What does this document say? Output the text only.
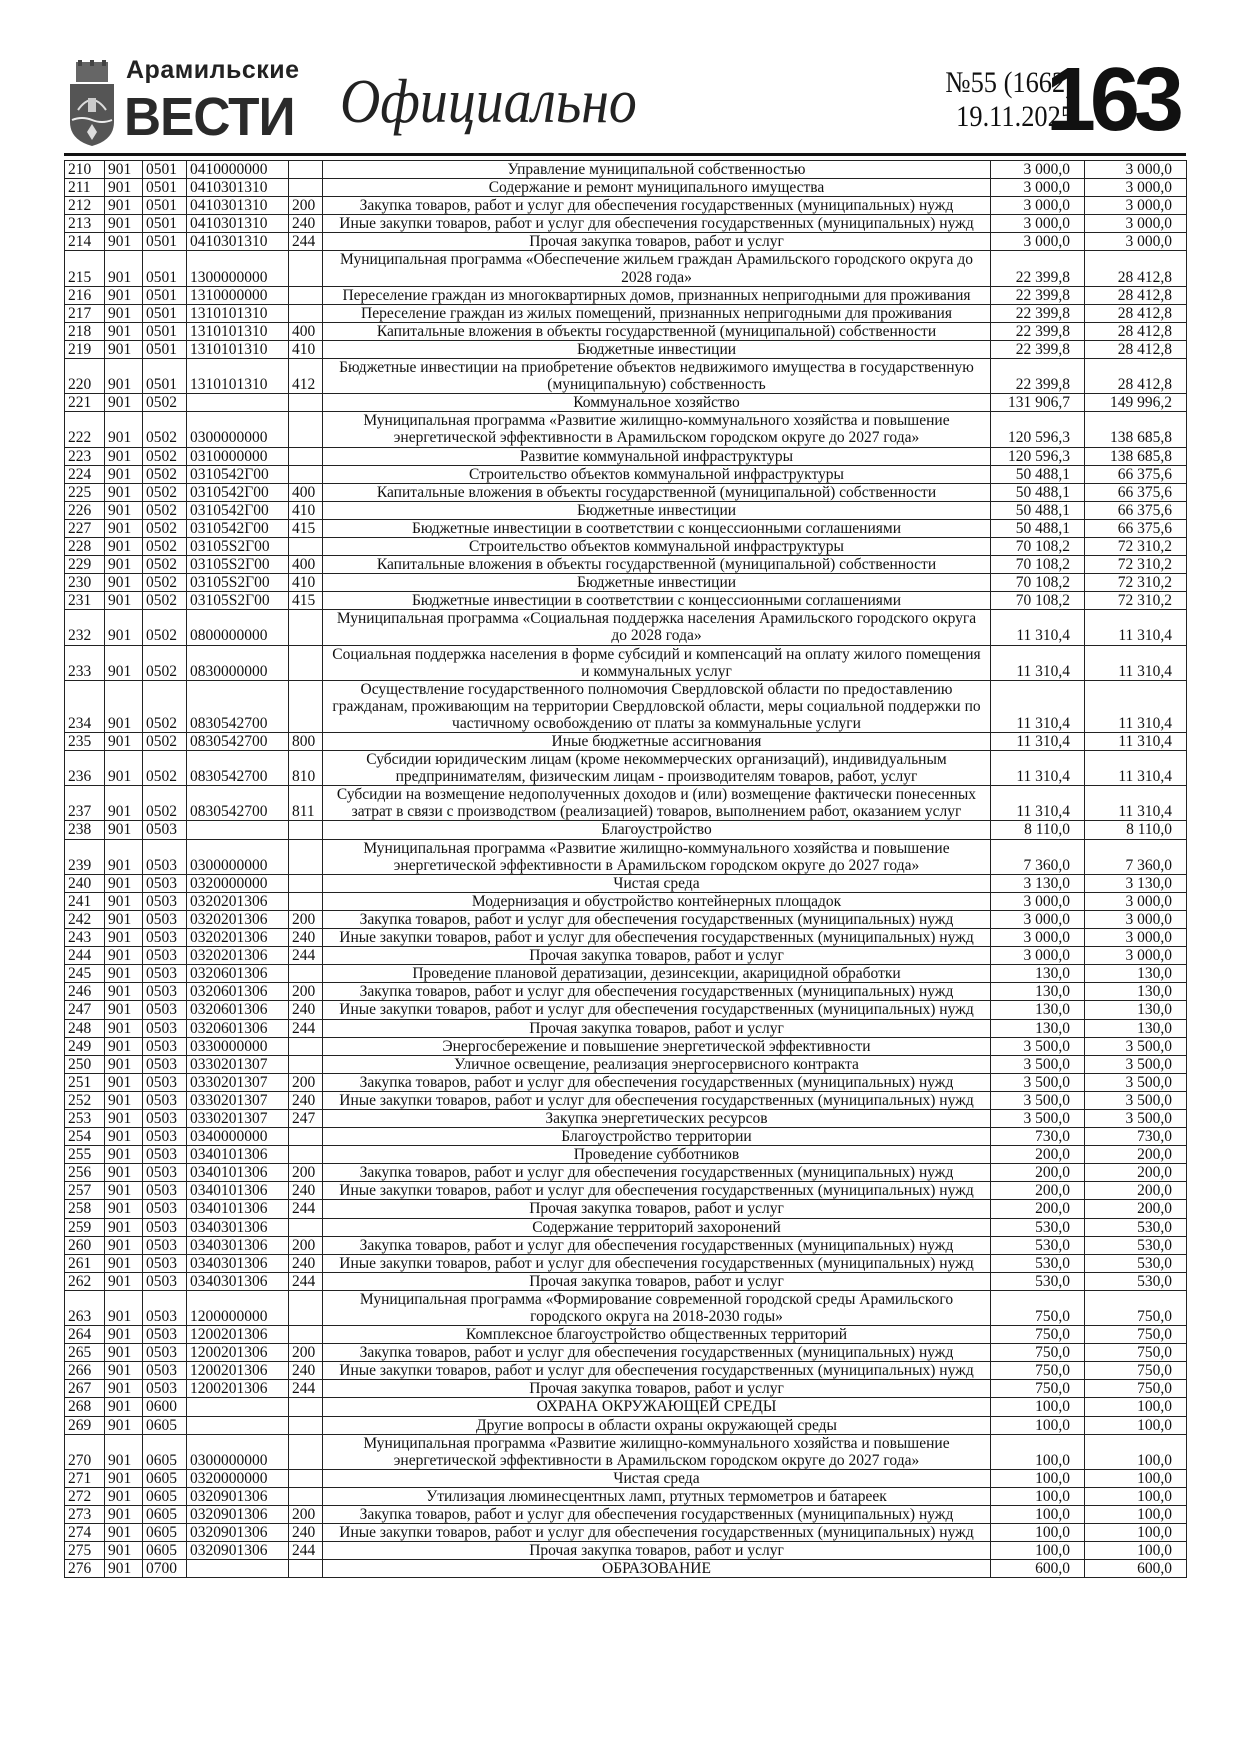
Арамильские
ВЕСТИ Официально	№55 (1662)
19.11.2025
163
210	901	0501	0410000000		Управление муниципальной собственностью	3 000,0	3 000,0
211	901	0501	0410301310		Содержание и ремонт муниципального имущества	3 000,0	3 000,0
212	901	0501	0410301310	200	Закупка товаров, работ и услуг для обеспечения государственных (муниципальных) нужд	3 000,0	3 000,0
213	901	0501	0410301310	240	Иные закупки товаров, работ и услуг для обеспечения государственных (муниципальных) нужд	3 000,0	3 000,0
214	901	0501	0410301310	244	Прочая закупка товаров, работ и услуг	3 000,0	3 000,0
215	901	0501	1300000000		Муниципальная программа «Обеспечение жильем граждан Арамильского городского округа до 2028 года»	22 399,8	28 412,8
216	901	0501	1310000000		Переселение граждан из многоквартирных домов, признанных непригодными для проживания	22 399,8	28 412,8
217	901	0501	1310101310		Переселение граждан из жилых помещений, признанных непригодными для проживания	22 399,8	28 412,8
218	901	0501	1310101310	400	Капитальные вложения в объекты государственной (муниципальной) собственности	22 399,8	28 412,8
219	901	0501	1310101310	410	Бюджетные инвестиции	22 399,8	28 412,8
220	901	0501	1310101310	412	Бюджетные инвестиции на приобретение объектов недвижимого имущества в государственную (муниципальную) собственность	22 399,8	28 412,8
221	901	0502			Коммунальное хозяйство	131 906,7	149 996,2
222	901	0502	0300000000		Муниципальная программа «Развитие жилищно-коммунального хозяйства и повышение энергетической эффективности в Арамильском городском округе до 2027 года»	120 596,3	138 685,8
223	901	0502	0310000000		Развитие коммунальной инфраструктуры	120 596,3	138 685,8
224	901	0502	0310542Г00		Строительство объектов коммунальной инфраструктуры	50 488,1	66 375,6
225	901	0502	0310542Г00	400	Капитальные вложения в объекты государственной (муниципальной) собственности	50 488,1	66 375,6
226	901	0502	0310542Г00	410	Бюджетные инвестиции	50 488,1	66 375,6
227	901	0502	0310542Г00	415	Бюджетные инвестиции в соответствии с концессионными соглашениями	50 488,1	66 375,6
228	901	0502	03105S2Г00		Строительство объектов коммунальной инфраструктуры	70 108,2	72 310,2
229	901	0502	03105S2Г00	400	Капитальные вложения в объекты государственной (муниципальной) собственности	70 108,2	72 310,2
230	901	0502	03105S2Г00	410	Бюджетные инвестиции	70 108,2	72 310,2
231	901	0502	03105S2Г00	415	Бюджетные инвестиции в соответствии с концессионными соглашениями	70 108,2	72 310,2
232	901	0502	0800000000		Муниципальная программа «Социальная поддержка населения Арамильского городского округа до 2028 года»	11 310,4	11 310,4
233	901	0502	0830000000		Социальная поддержка населения в форме субсидий и компенсаций на оплату жилого помещения и коммунальных услуг	11 310,4	11 310,4
234	901	0502	0830542700		Осуществление государственного полномочия Свердловской области по предоставлению гражданам, проживающим на территории Свердловской области, меры социальной поддержки по частичному освобождению от платы за коммунальные услуги	11 310,4	11 310,4
235	901	0502	0830542700	800	Иные бюджетные ассигнования	11 310,4	11 310,4
236	901	0502	0830542700	810	Субсидии юридическим лицам (кроме некоммерческих организаций), индивидуальным предпринимателям, физическим лицам - производителям товаров, работ, услуг	11 310,4	11 310,4
237	901	0502	0830542700	811	Субсидии на возмещение недополученных доходов и (или) возмещение фактически понесенных затрат в связи с производством (реализацией) товаров, выполнением работ, оказанием услуг	11 310,4	11 310,4
238	901	0503			Благоустройство	8 110,0	8 110,0
239	901	0503	0300000000		Муниципальная программа «Развитие жилищно-коммунального хозяйства и повышение энергетической эффективности в Арамильском городском округе до 2027 года»	7 360,0	7 360,0
240	901	0503	0320000000		Чистая среда	3 130,0	3 130,0
241	901	0503	0320201306		Модернизация и обустройство контейнерных площадок	3 000,0	3 000,0
242	901	0503	0320201306	200	Закупка товаров, работ и услуг для обеспечения государственных (муниципальных) нужд	3 000,0	3 000,0
243	901	0503	0320201306	240	Иные закупки товаров, работ и услуг для обеспечения государственных (муниципальных) нужд	3 000,0	3 000,0
244	901	0503	0320201306	244	Прочая закупка товаров, работ и услуг	3 000,0	3 000,0
245	901	0503	0320601306		Проведение плановой дератизации, дезинсекции, акарицидной обработки	130,0	130,0
246	901	0503	0320601306	200	Закупка товаров, работ и услуг для обеспечения государственных (муниципальных) нужд	130,0	130,0
247	901	0503	0320601306	240	Иные закупки товаров, работ и услуг для обеспечения государственных (муниципальных) нужд	130,0	130,0
248	901	0503	0320601306	244	Прочая закупка товаров, работ и услуг	130,0	130,0
249	901	0503	0330000000		Энергосбережение и повышение энергетической эффективности	3 500,0	3 500,0
250	901	0503	0330201307		Уличное освещение, реализация энергосервисного контракта	3 500,0	3 500,0
251	901	0503	0330201307	200	Закупка товаров, работ и услуг для обеспечения государственных (муниципальных) нужд	3 500,0	3 500,0
252	901	0503	0330201307	240	Иные закупки товаров, работ и услуг для обеспечения государственных (муниципальных) нужд	3 500,0	3 500,0
253	901	0503	0330201307	247	Закупка энергетических ресурсов	3 500,0	3 500,0
254	901	0503	0340000000		Благоустройство территории	730,0	730,0
255	901	0503	0340101306		Проведение субботников	200,0	200,0
256	901	0503	0340101306	200	Закупка товаров, работ и услуг для обеспечения государственных (муниципальных) нужд	200,0	200,0
257	901	0503	0340101306	240	Иные закупки товаров, работ и услуг для обеспечения государственных (муниципальных) нужд	200,0	200,0
258	901	0503	0340101306	244	Прочая закупка товаров, работ и услуг	200,0	200,0
259	901	0503	0340301306		Содержание территорий захоронений	530,0	530,0
260	901	0503	0340301306	200	Закупка товаров, работ и услуг для обеспечения государственных (муниципальных) нужд	530,0	530,0
261	901	0503	0340301306	240	Иные закупки товаров, работ и услуг для обеспечения государственных (муниципальных) нужд	530,0	530,0
262	901	0503	0340301306	244	Прочая закупка товаров, работ и услуг	530,0	530,0
263	901	0503	1200000000		Муниципальная программа «Формирование современной городской среды Арамильского городского округа на 2018-2030 годы»	750,0	750,0
264	901	0503	1200201306		Комплексное благоустройство общественных территорий	750,0	750,0
265	901	0503	1200201306	200	Закупка товаров, работ и услуг для обеспечения государственных (муниципальных) нужд	750,0	750,0
266	901	0503	1200201306	240	Иные закупки товаров, работ и услуг для обеспечения государственных (муниципальных) нужд	750,0	750,0
267	901	0503	1200201306	244	Прочая закупка товаров, работ и услуг	750,0	750,0
268	901	0600			ОХРАНА ОКРУЖАЮЩЕЙ СРЕДЫ	100,0	100,0
269	901	0605			Другие вопросы в области охраны окружающей среды	100,0	100,0
270	901	0605	0300000000		Муниципальная программа «Развитие жилищно-коммунального хозяйства и повышение энергетической эффективности в Арамильском городском округе до 2027 года»	100,0	100,0
271	901	0605	0320000000		Чистая среда	100,0	100,0
272	901	0605	0320901306		Утилизация люминесцентных ламп, ртутных термометров и батареек	100,0	100,0
273	901	0605	0320901306	200	Закупка товаров, работ и услуг для обеспечения государственных (муниципальных) нужд	100,0	100,0
274	901	0605	0320901306	240	Иные закупки товаров, работ и услуг для обеспечения государственных (муниципальных) нужд	100,0	100,0
275	901	0605	0320901306	244	Прочая закупка товаров, работ и услуг	100,0	100,0
276	901	0700			ОБРАЗОВАНИЕ	600,0	600,0
